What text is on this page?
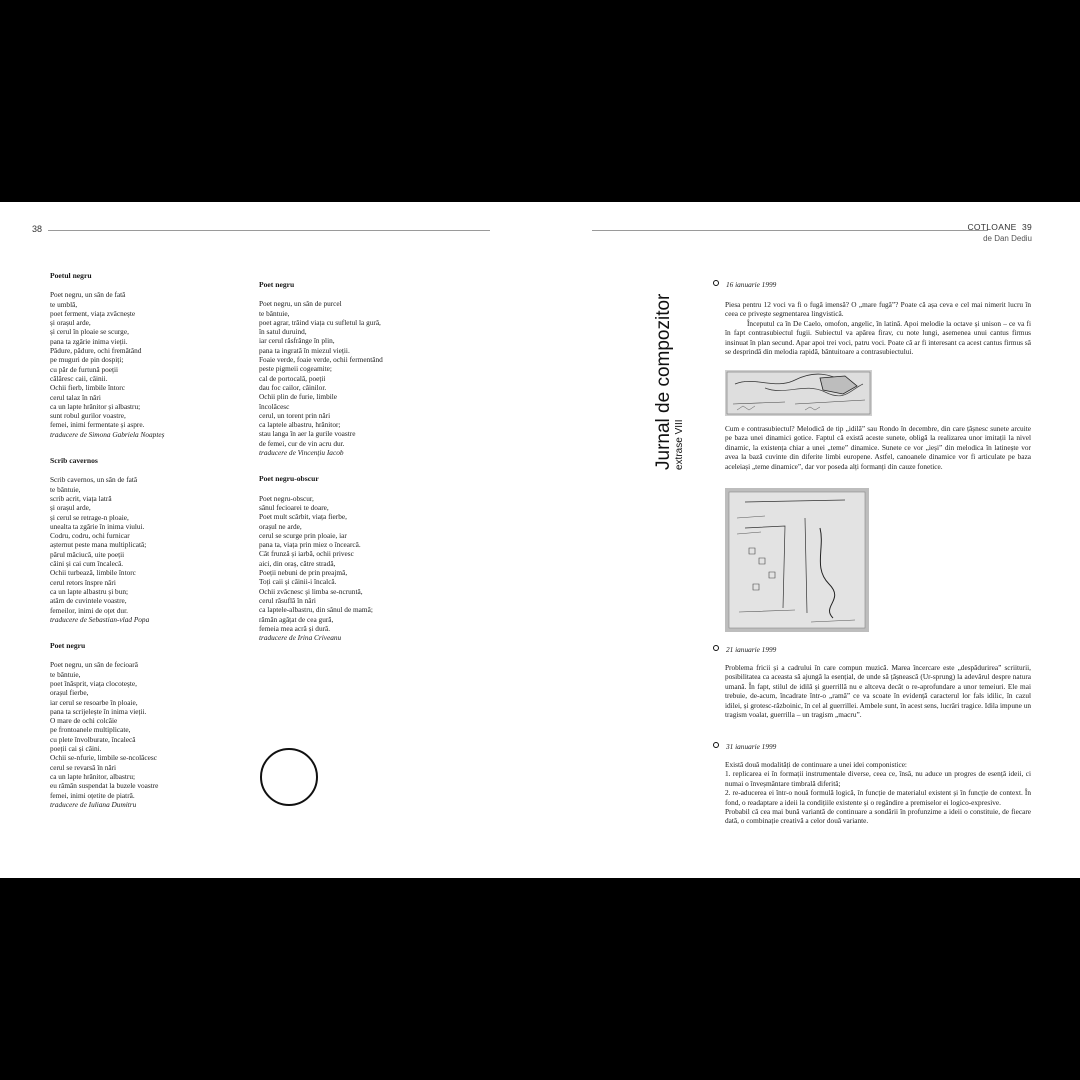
38
Poetul negru
Poet negru, un sân de fată
te umblă,
poet ferment, viața zvâcnește
și orașul arde,
și cerul în ploaie se scurge,
pana ta zgârie inima vieții.
Pădure, pădure, ochi fremătând
pe muguri de pin dospiți;
cu păr de furtună poeții
călăresc caii, câinii.
Ochii fierb, limbile întorc
cerul talaz în nări
ca un lapte hrănitor și albastru;
sunt robul gurilor voastre,
femei, inimi fermentate și aspre.
traducere de Simona Gabriela Noapteș
Scrib cavernos
Scrib cavernos, un sân de fată
te bântuie,
scrib acrit, viața latră
și orașul arde,
și cerul se retrage-n ploaie,
unealta ta zgârie în inima viului.
Codru, codru, ochi furnicar
așternut peste mana multiplicată;
părul măciucă, uite poeții
câini și cai cum încalecă.
Ochii turbează, limbile întorc
cerul retors înspre nări
ca un lapte albastru și bun;
atârn de cuvintele voastre,
femeilor, inimi de oțet dur.
traducere de Sebastian-vlad Popa
Poet negru
Poet negru, un sân de fecioară
te bântuie,
poet înăsprit, viața clocotește,
orașul fierbe,
iar cerul se resoarbe în ploaie,
pana ta scrijelește în inima vieții.
O mare de ochi colcăie
pe frontoanele multiplicate,
cu plete învolburate, încalecă
poeții cai și câini.
Ochii se-nfurie, limbile se-ncolăcesc
cerul se revarsă în nări
ca un lapte hrănitor, albastru;
eu rămân suspendat la buzele voastre
femei, inimi oțetite de piatră.
traducere de Iuliana Dumitru
Poet negru
Poet negru, un sân de purcel
te bântuie,
poet agrar, trăind viața cu sufletul la gură,
în satul duruind,
iar cerul răsfrânge în plin,
pana ta ingrată în miezul vieții.
Foaie verde, foaie verde, ochii fermentând
peste pigmeii cogeamite;
cal de portocală, poeții
dau foc cailor, câinilor.
Ochii plin de furie, limbile
încolăcesc
cerul, un torent prin nări
ca laptele albastru, hrănitor;
stau langa în aer la gurile voastre
de femei, cur de vin acru dur.
traducere de Vincențiu Iacob
Poet negru-obscur
Poet negru-obscur,
sânul fecioarei te doare,
Poet mult scârbit, viața fierbe,
orașul ne arde,
cerul se scurge prin ploaie, iar
pana ta, viața prin miez o încearcă.
Cât frunză și iarbă, ochii privesc
aici, din oraș, către stradă,
Poeții nebuni de prin preajmă,
Toți caii și câinii-i încalcă.
Ochii zvâcnesc și limba se-ncruntă,
cerul răsuflă în nări
ca laptele-albastru, din sânul de mamă;
rămân agățat de cea gură,
femeia mea acră și dură.
traducere de Irina Criveanu
COTLOANE 39
de Dan Dediu
Jurnal de compozitor extrase VIII
16 ianuarie 1999

Piesa pentru 12 voci va fi o fugă imensă? O „mare fugă”? Poate că așa ceva e cel mai nimerit lucru în ceea ce privește segmentarea lingvistică.

Începutul ca în De Caelo, omofon, angelic, în latină. Apoi melodie la octave și unison – ce va fi în fapt contrasubiectul fugii. Subiectul va apărea firav, cu note lungi, asemenea unui cantus firmus insinuat în plan secund. Apar apoi trei voci, patru voci. Poate că ar fi interesant ca acest cantus firmus să se desprindă din melodia rapidă, bântuitoare a contrasubiectului.

Cum e contrasubiectul? Melodică de tip „idilă” sau Rondo în decembre, din care țâșnesc sunete arcuite pe baza unei dinamici gotice. Faptul că există aceste sunete, obligă la realizarea unor imitații la nivel dinamic, la existența chiar a unei „teme” dinamice. Sunete ce vor „ieși” din melodica în latinește vor avea la bază cuvinte din diferite limbi europene. Astfel, canoanele dinamice vor fi articulate pe baza aceleiași „teme dinamice”, dar vor poseda alți formanți din cauze fonetice.

21 ianuarie 1999

Problema fricii și a cadrului în care compun muzică. Marea încercare este „despădurirea” scriiturii, posibilitatea ca aceasta să ajungă la esențial, de unde să țâșnească (Ur-sprung) la adevărul despre natura umană. În fapt, stilul de idilă și guerrillă nu e altceva decât o re-aprofundare a unor temeiuri. Ele mai trebuie, de-acum, încadrate într-o „ramă” ce va scoate în evidență caracterul lor fals idilic, în cazul idilei, și grotesc-războinic, în cel al guerrillei. Ambele sunt, în acest sens, lucrări tragice. Idila impune un tragism voalat, guerrilla – un tragism „macru”.

31 ianuarie 1999

Există două modalități de continuare a unei idei componistice:

1. replicarea ei în formații instrumentale diverse, ceea ce, însă, nu aduce un progres de esență ideii, ci numai o înveșmântare timbrală diferită;

2. re-aducerea ei într-o nouă formulă logică, în funcție de materialul existent și în funcție de context. În fond, o readaptare a ideii la condițiile existente și o regândire a premiselor ei logico-expresive.

Probabil că cea mai bună variantă de continuare a sondării în profunzime a ideii o constituie, de fiecare dată, o combinație creativă a celor două variante.
